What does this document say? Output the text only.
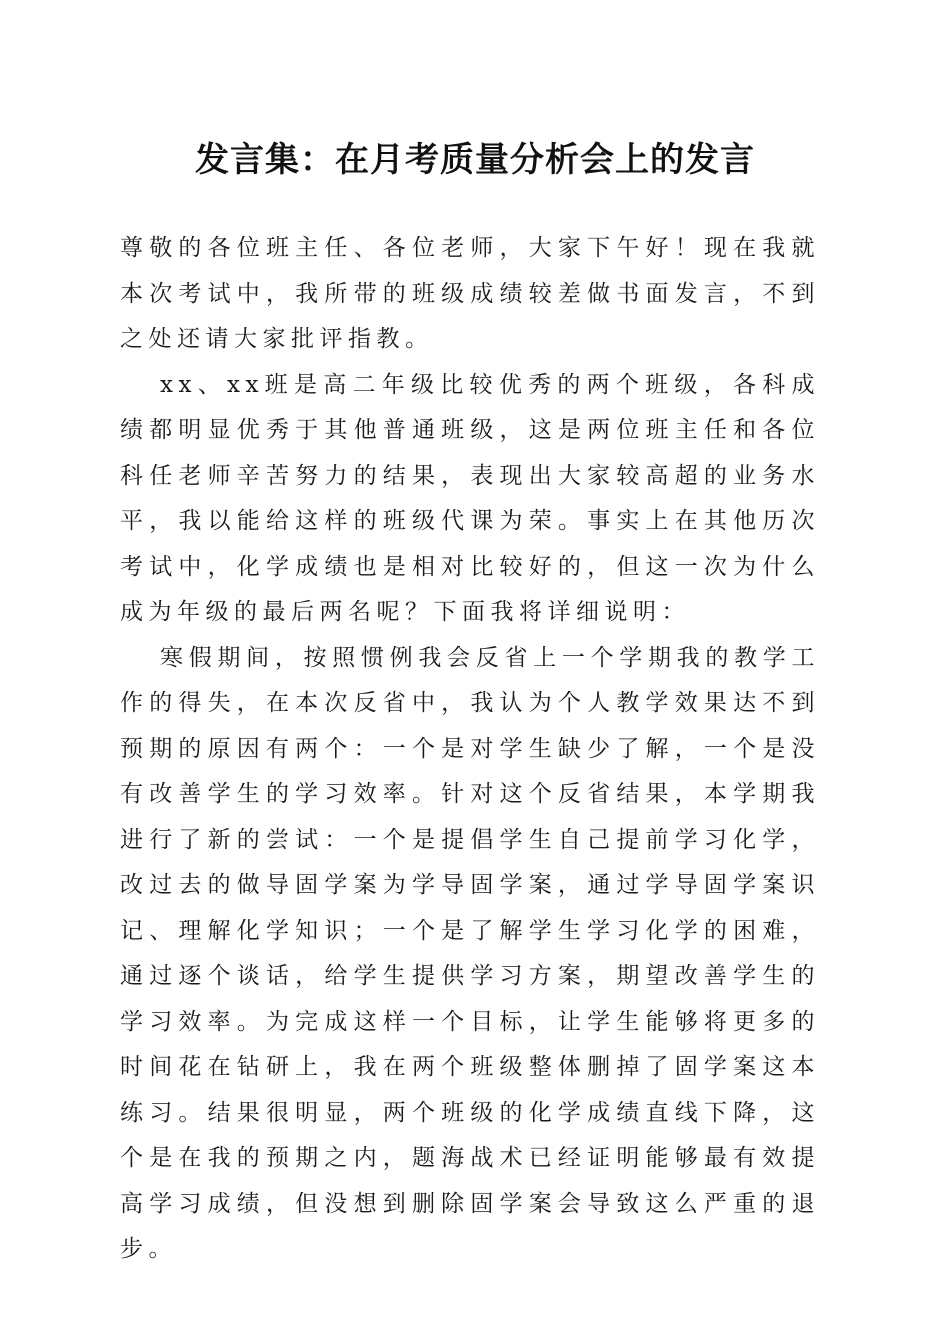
发言集：在月考质量分析会上的发言

尊敬的各位班主任、各位老师，大家下午好！现在我就本次考试中，我所带的班级成绩较差做书面发言，不到之处还请大家批评指教。

xx、xx班是高二年级比较优秀的两个班级，各科成绩都明显优秀于其他普通班级，这是两位班主任和各位科任老师辛苦努力的结果，表现出大家较高超的业务水平，我以能给这样的班级代课为荣。事实上在其他历次考试中，化学成绩也是相对比较好的，但这一次为什么成为年级的最后两名呢？下面我将详细说明：

寒假期间，按照惯例我会反省上一个学期我的教学工作的得失，在本次反省中，我认为个人教学效果达不到预期的原因有两个：一个是对学生缺少了解，一个是没有改善学生的学习效率。针对这个反省结果，本学期我进行了新的尝试：一个是提倡学生自己提前学习化学，改过去的做导固学案为学导固学案，通过学导固学案识记、理解化学知识；一个是了解学生学习化学的困难，通过逐个谈话，给学生提供学习方案，期望改善学生的学习效率。为完成这样一个目标，让学生能够将更多的时间花在钻研上，我在两个班级整体删掉了固学案这本练习。结果很明显，两个班级的化学成绩直线下降，这个是在我的预期之内，题海战术已经证明能够最有效提高学习成绩，但没想到删除固学案会导致这么严重的退步。
